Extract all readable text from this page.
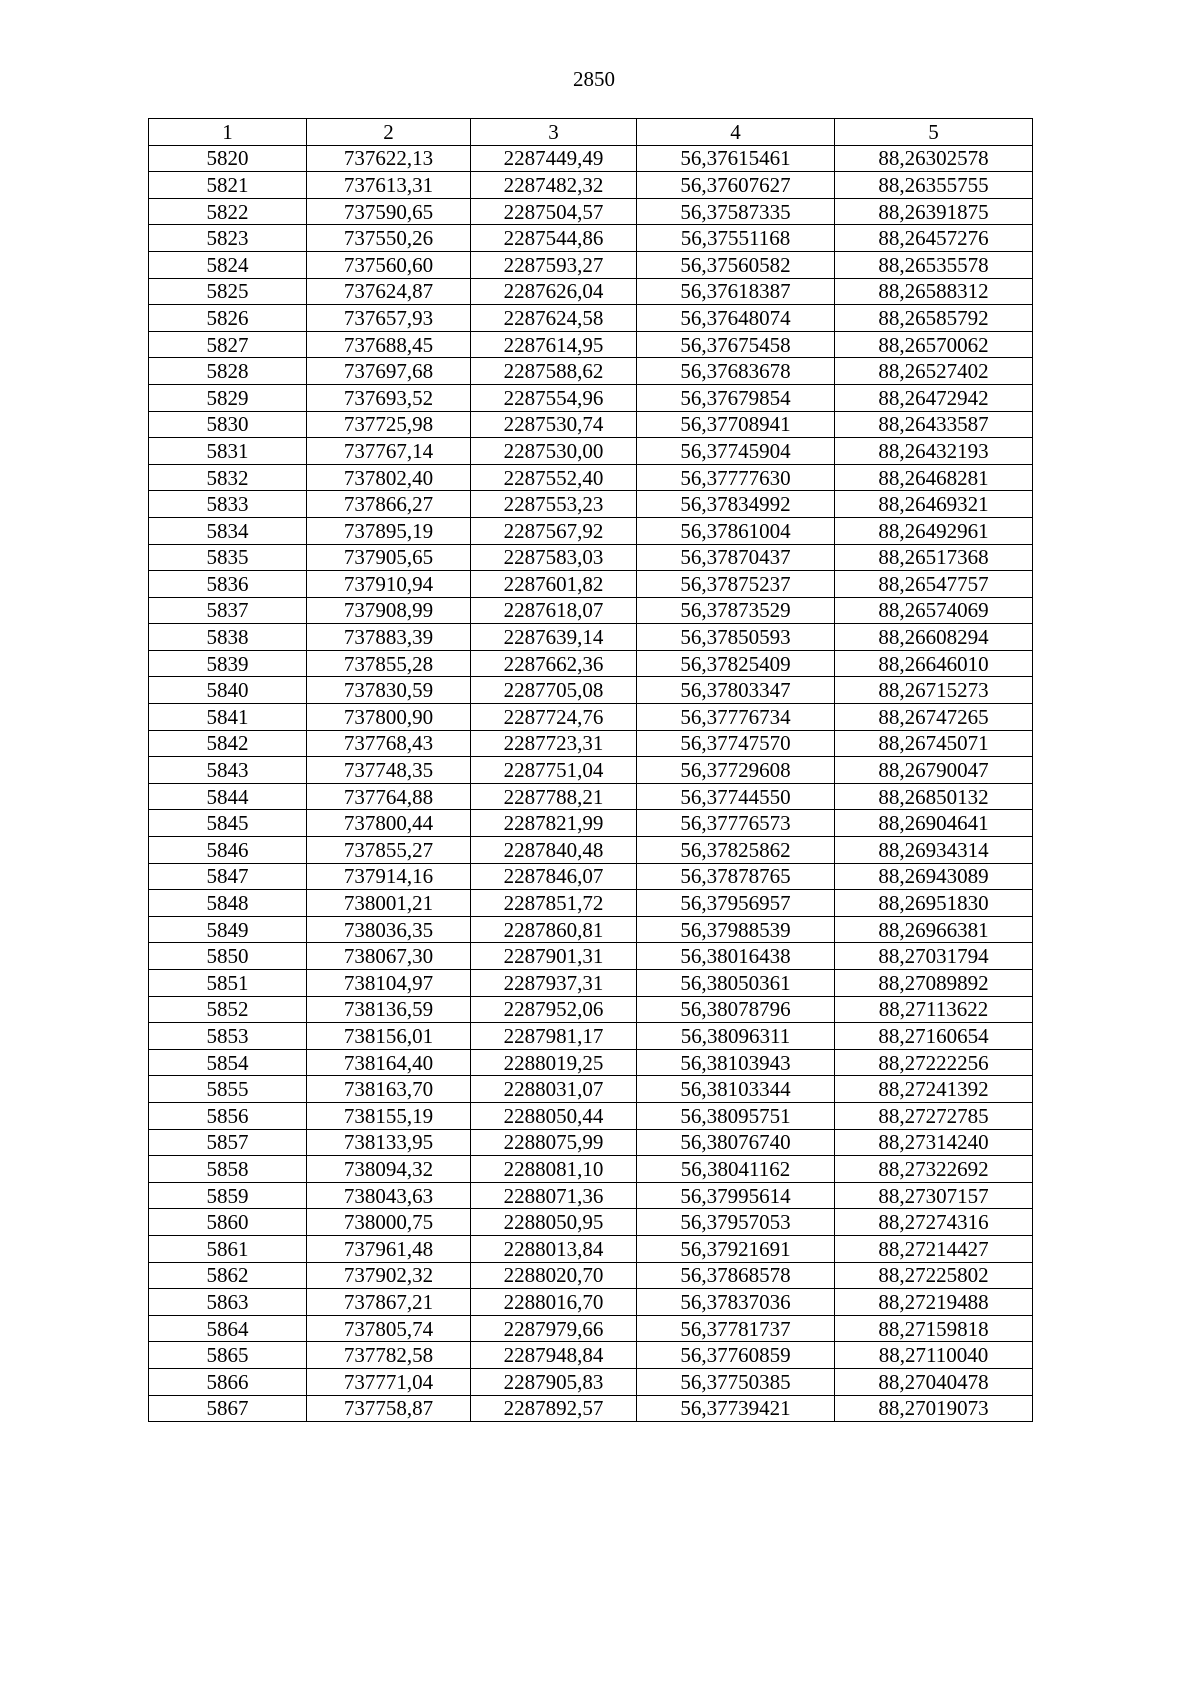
2850
1	2	3	4	5
5820	737622,13	2287449,49	56,37615461	88,26302578
5821	737613,31	2287482,32	56,37607627	88,26355755
5822	737590,65	2287504,57	56,37587335	88,26391875
5823	737550,26	2287544,86	56,37551168	88,26457276
5824	737560,60	2287593,27	56,37560582	88,26535578
5825	737624,87	2287626,04	56,37618387	88,26588312
5826	737657,93	2287624,58	56,37648074	88,26585792
5827	737688,45	2287614,95	56,37675458	88,26570062
5828	737697,68	2287588,62	56,37683678	88,26527402
5829	737693,52	2287554,96	56,37679854	88,26472942
5830	737725,98	2287530,74	56,37708941	88,26433587
5831	737767,14	2287530,00	56,37745904	88,26432193
5832	737802,40	2287552,40	56,37777630	88,26468281
5833	737866,27	2287553,23	56,37834992	88,26469321
5834	737895,19	2287567,92	56,37861004	88,26492961
5835	737905,65	2287583,03	56,37870437	88,26517368
5836	737910,94	2287601,82	56,37875237	88,26547757
5837	737908,99	2287618,07	56,37873529	88,26574069
5838	737883,39	2287639,14	56,37850593	88,26608294
5839	737855,28	2287662,36	56,37825409	88,26646010
5840	737830,59	2287705,08	56,37803347	88,26715273
5841	737800,90	2287724,76	56,37776734	88,26747265
5842	737768,43	2287723,31	56,37747570	88,26745071
5843	737748,35	2287751,04	56,37729608	88,26790047
5844	737764,88	2287788,21	56,37744550	88,26850132
5845	737800,44	2287821,99	56,37776573	88,26904641
5846	737855,27	2287840,48	56,37825862	88,26934314
5847	737914,16	2287846,07	56,37878765	88,26943089
5848	738001,21	2287851,72	56,37956957	88,26951830
5849	738036,35	2287860,81	56,37988539	88,26966381
5850	738067,30	2287901,31	56,38016438	88,27031794
5851	738104,97	2287937,31	56,38050361	88,27089892
5852	738136,59	2287952,06	56,38078796	88,27113622
5853	738156,01	2287981,17	56,38096311	88,27160654
5854	738164,40	2288019,25	56,38103943	88,27222256
5855	738163,70	2288031,07	56,38103344	88,27241392
5856	738155,19	2288050,44	56,38095751	88,27272785
5857	738133,95	2288075,99	56,38076740	88,27314240
5858	738094,32	2288081,10	56,38041162	88,27322692
5859	738043,63	2288071,36	56,37995614	88,27307157
5860	738000,75	2288050,95	56,37957053	88,27274316
5861	737961,48	2288013,84	56,37921691	88,27214427
5862	737902,32	2288020,70	56,37868578	88,27225802
5863	737867,21	2288016,70	56,37837036	88,27219488
5864	737805,74	2287979,66	56,37781737	88,27159818
5865	737782,58	2287948,84	56,37760859	88,27110040
5866	737771,04	2287905,83	56,37750385	88,27040478
5867	737758,87	2287892,57	56,37739421	88,27019073
